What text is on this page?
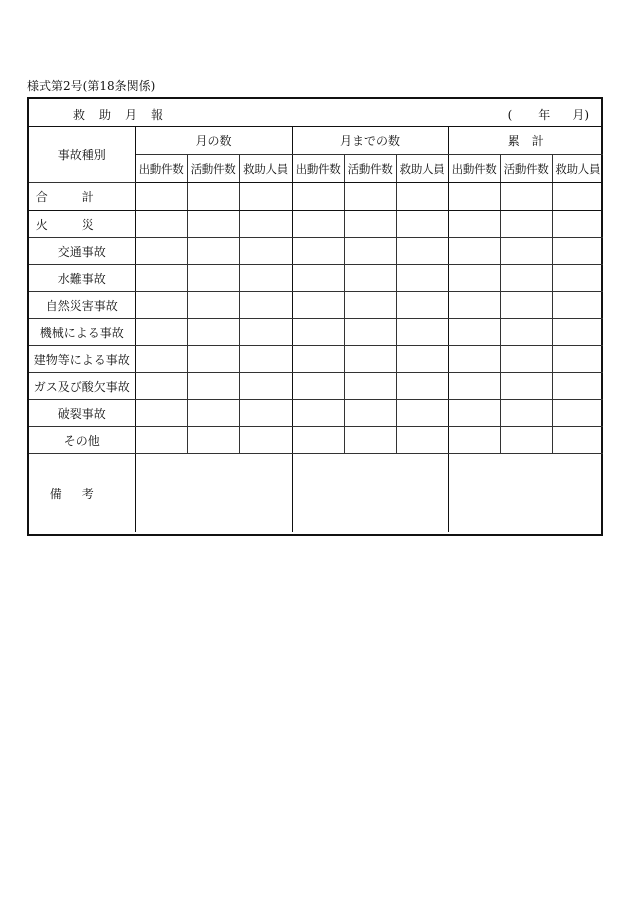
様式第2号(第18条関係)
救助月報	( 年 月)
事故種別	月の数			月までの数			累　計		
	出動件数	活動件数	救助人員	出動件数	活動件数	救助人員	出動件数	活動件数	救助人員
合計									
火災									
交通事故									
水難事故									
自然災害事故									
機械による事故									
建物等による事故									
ガス及び酸欠事故									
破裂事故									
その他									
備考									
